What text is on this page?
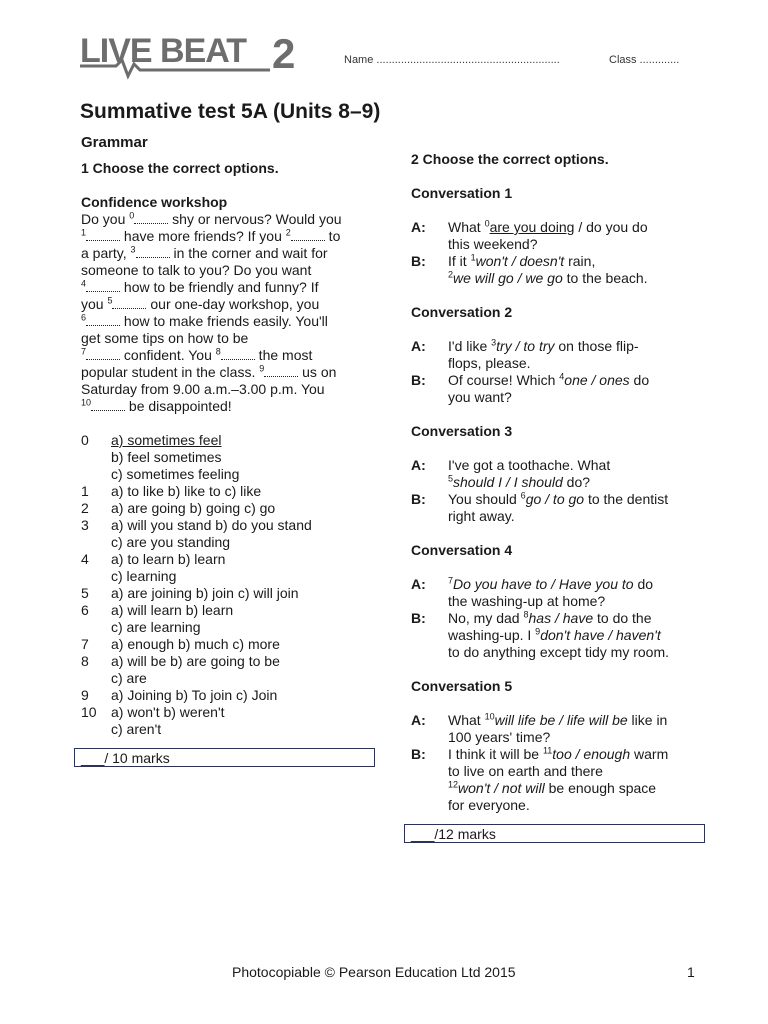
LIVE BEAT 2	Name ............................................................	Class .............
Summative test 5A (Units 8–9)
Grammar
1 Choose the correct options.
Confidence workshop
Do you $^0$ shy or nervous? Would you
$^1$ have more friends? If you $^2$ to
a party, $^3$ in the corner and wait for
someone to talk to you? Do you want
$^4$ how to be friendly and funny? If
you $^5$ our one-day workshop, you
$^6$ how to make friends easily. You'll
get some tips on how to be
$^7$ confident. You $^8$ the most
popular student in the class. $^9$ us on
Saturday from 9.00 a.m.–3.00 p.m. You
$^{10}$ be disappointed!
0	a) sometimes feel
b) feel sometimes
c) sometimes feeling
1	a) to like b) like to c) like
2	a) are going b) going c) go
3	a) will you stand b) do you stand
c) are you standing
4	a) to learn b) learn
c) learning
5	a) are joining b) join c) will join
6	a) will learn b) learn
c) are learning
7	a) enough b) much c) more
8	a) will be b) are going to be
c) are
9	a) Joining b) To join c) Join
10	a) won't b) weren't
c) aren't
___/ 10 marks
2 Choose the correct options.
Conversation 1
A:	What $^0$are you doing / do you do
this weekend?
B:	If it $^1$won't / doesn't rain,
$^2$we will go / we go to the beach.
Conversation 2
A:	I'd like $^3$try / to try on those flip-
flops, please.
B:	Of course! Which $^4$one / ones do
you want?
Conversation 3
A:	I've got a toothache. What
$^5$should I / I should do?
B:	You should $^6$go / to go to the dentist
right away.
Conversation 4
A:	$^7$Do you have to / Have you to do
the washing-up at home?
B:	No, my dad $^8$has / have to do the
washing-up. I $^9$don't have / haven't
to do anything except tidy my room.
Conversation 5
A:	What $^{10}$will life be / life will be like in
100 years' time?
B:	I think it will be $^{11}$too / enough warm
to live on earth and there
$^{12}$won't / not will be enough space
for everyone.
___/12 marks
Photocopiable © Pearson Education Ltd 2015	1
